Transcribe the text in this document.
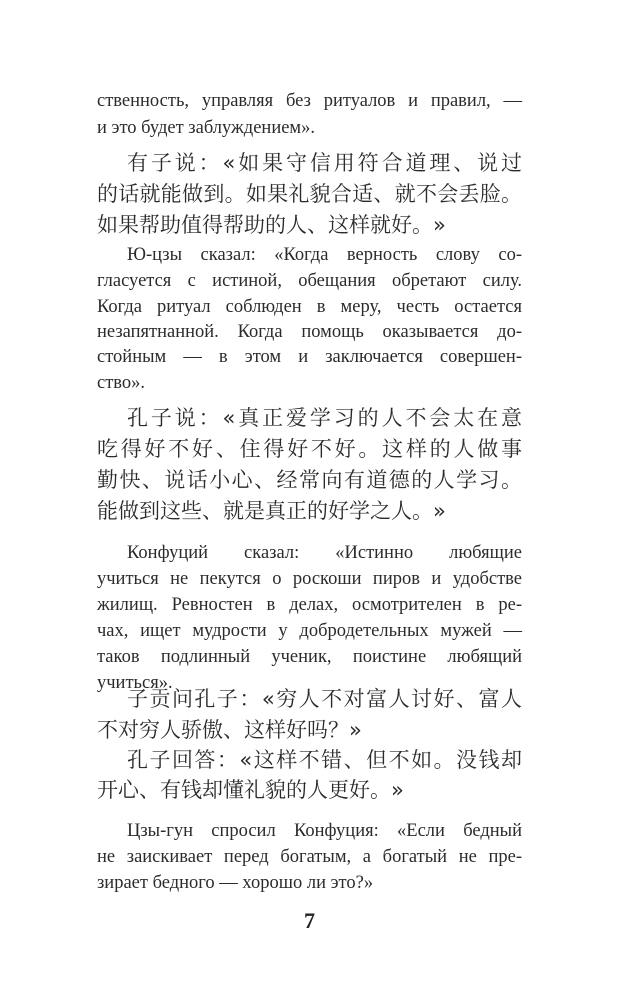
ственность, управляя без ритуалов и правил, —
и это будет заблуждением».
有子说：«如果守信用符合道理、说过
的话就能做到。如果礼貌合适、就不会丢脸。
如果帮助值得帮助的人、这样就好。»
Ю-цзы сказал: «Когда верность слову со-
гласуется с истиной, обещания обретают силу.
Когда ритуал соблюден в меру, честь остается
незапятнанной. Когда помощь оказывается до-
стойным — в этом и заключается совершен-
ство».
孔子说：«真正爱学习的人不会太在意
吃得好不好、住得好不好。这样的人做事
勤快、说话小心、经常向有道德的人学习。
能做到这些、就是真正的好学之人。»
Конфуций сказал: «Истинно любящие
учиться не пекутся о роскоши пиров и удобстве
жилищ. Ревностен в делах, осмотрителен в ре-
чах, ищет мудрости у добродетельных мужей —
таков подлинный ученик, поистине любящий
учиться».
子贡问孔子：«穷人不对富人讨好、富人
不对穷人骄傲、这样好吗？»
孔子回答：«这样不错、但不如。没钱却
开心、有钱却懂礼貌的人更好。»
Цзы-гун спросил Конфуция: «Если бедный
не заискивает перед богатым, а богатый не пре-
зирает бедного — хорошо ли это?»
7
